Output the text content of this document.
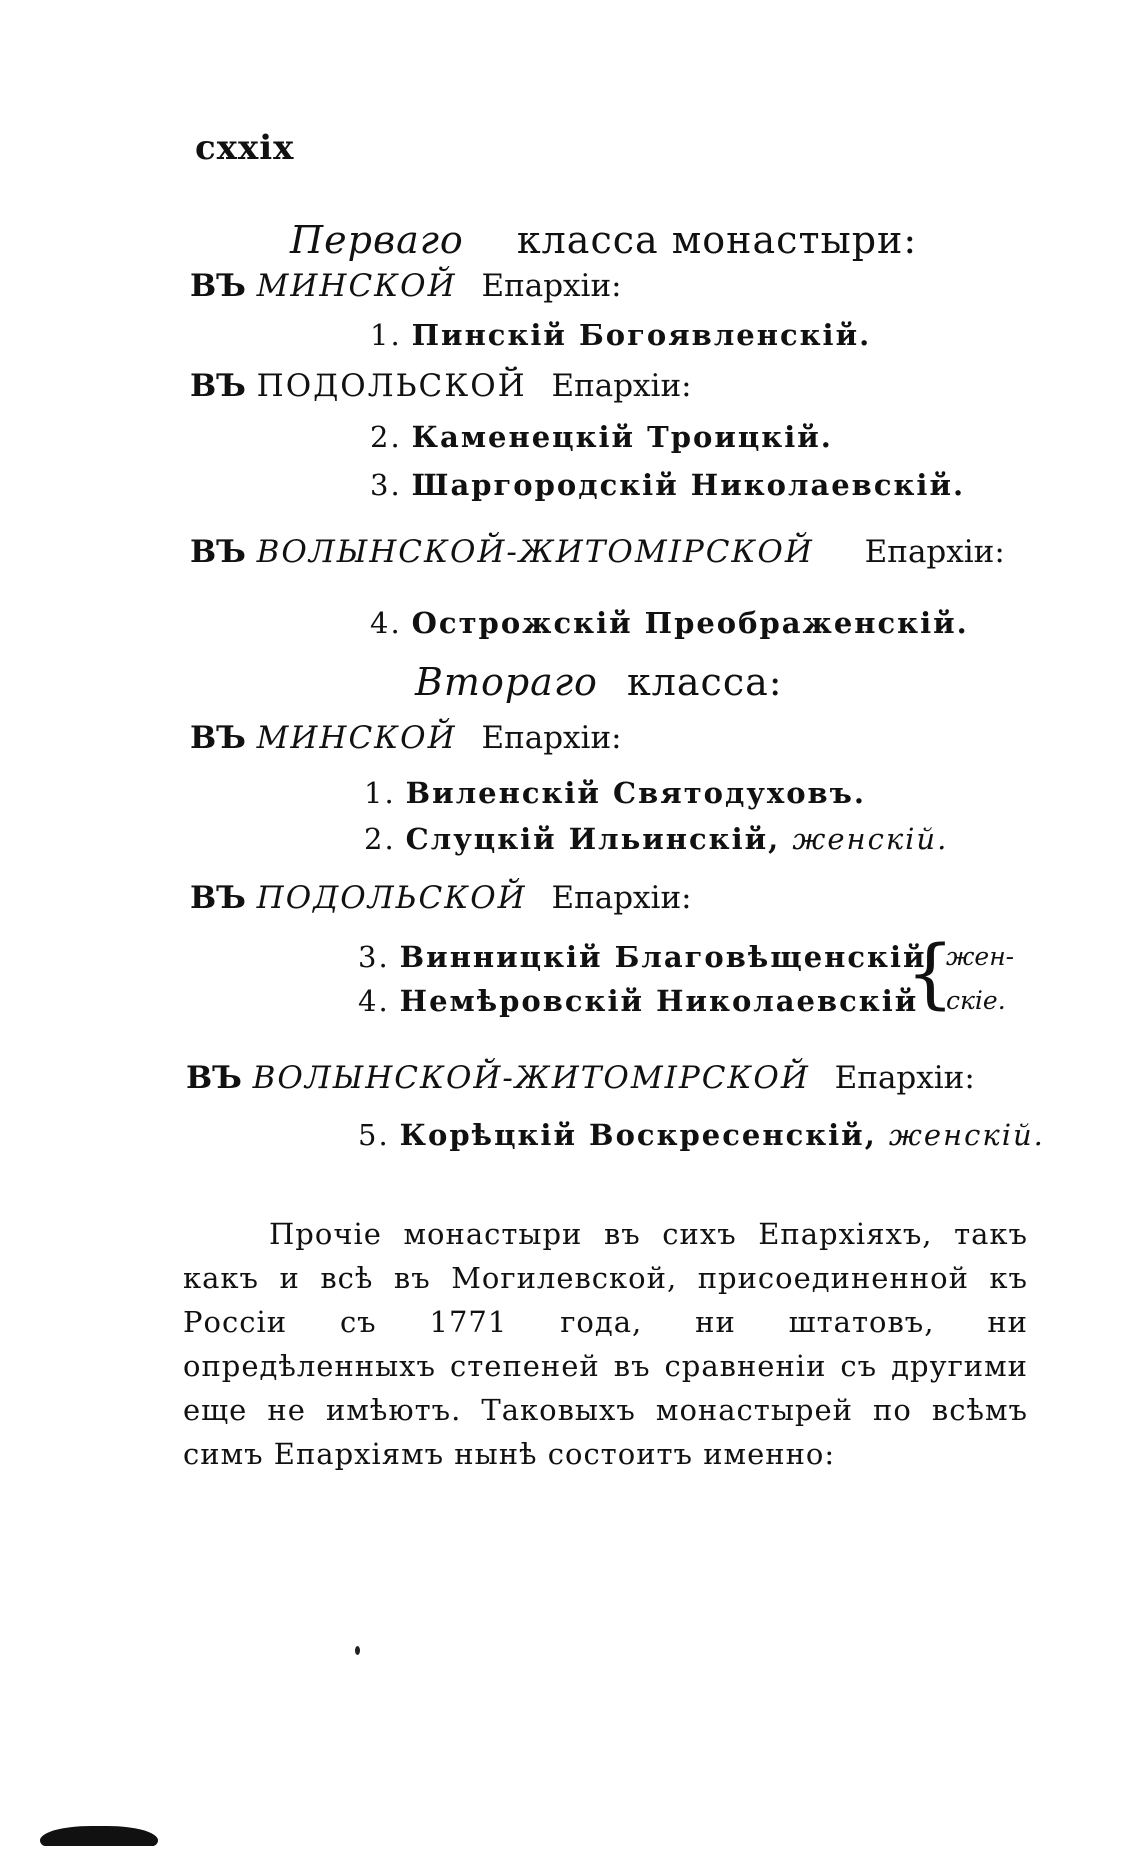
cxxix
Перваго класса монастыри:
ВЪ МИНСКОЙ Епархіи:
1. Пинскій Богоявленскій.
ВЪ ПОДОЛЬСКОЙ Епархіи:
2. Каменецкій Троицкій.
3. Шаргородскій Николаевскій.
ВЪ ВОЛЫНСКОЙ-ЖИТОМІРСКОЙ Епархіи:
4. Острожскій Преображенскій.
Втораго класса:
ВЪ МИНСКОЙ Епархіи:
1. Виленскій Святодуховъ.
2. Слуцкій Ильинскій, женскій.
ВЪ ПОДОЛЬСКОЙ Епархіи:
3. Винницкій Благовѣщенскій
4. Немѣровскій Николаевскій
{
жен-
скіе.
ВЪ ВОЛЫНСКОЙ-ЖИТОМІРСКОЙ Епархіи:
5. Корѣцкій Воскресенскій, женскій.

Прочіе монастыри въ сихъ Епархіяхъ, такъ какъ и всѣ въ Могилевской, присоединенной къ Россіи съ 1771 года, ни штатовъ, ни опредѣленныхъ степеней въ сравненіи съ другими еще не имѣютъ. Таковыхъ монастырей по всѣмъ симъ Епархіямъ нынѣ состоитъ именно:
